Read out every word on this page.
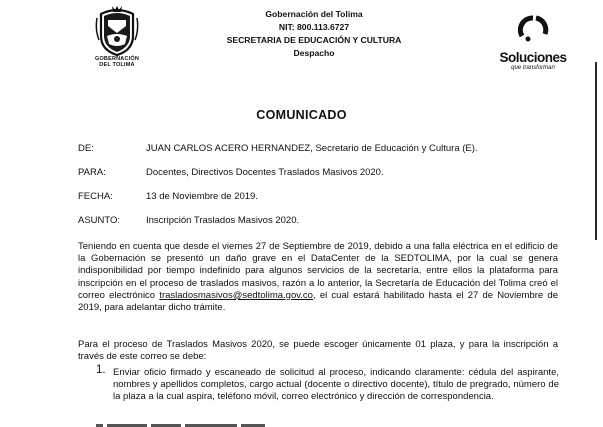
GOBERNACIÓN
DEL TOLIMA
Gobernación del Tolima
NIT: 800.113.6727
SECRETARIA DE EDUCACIÓN Y CULTURA
Despacho	Soluciones
que transforman
COMUNICADO
DE:	JUAN CARLOS ACERO HERNANDEZ, Secretario de Educación y Cultura (E).
PARA:	Docentes, Directivos Docentes Traslados Masivos 2020.
FECHA:	13 de Noviembre de 2019.
ASUNTO:	Inscripción Traslados Masivos 2020.

Teniendo en cuenta que desde el viernes 27 de Septiembre de 2019, debido a una falla eléctrica en el edificio de la Gobernación se presentó un daño grave en el DataCenter de la SEDTOLIMA, por la cual se genera indisponibilidad por tiempo indefinido para algunos servicios de la secretaría, entre ellos la plataforma para inscripción en el proceso de traslados masivos, razón a lo anterior, la Secretaría de Educación del Tolima creó el correo electrónico trasladosmasivos@sedtolima.gov.co, el cual estará habilitado hasta el 27 de Noviembre de 2019, para adelantar dicho trámite.

Para el proceso de Traslados Masivos 2020, se puede escoger únicamente 01 plaza, y para la inscripción a través de este correo se debe:

1. Enviar oficio firmado y escaneado de solicitud al proceso, indicando claramente: cédula del aspirante, nombres y apellidos completos, cargo actual (docente o directivo docente), título de pregrado, número de la plaza a la cual aspira, teléfono móvil, correo electrónico y dirección de correspondencia.
